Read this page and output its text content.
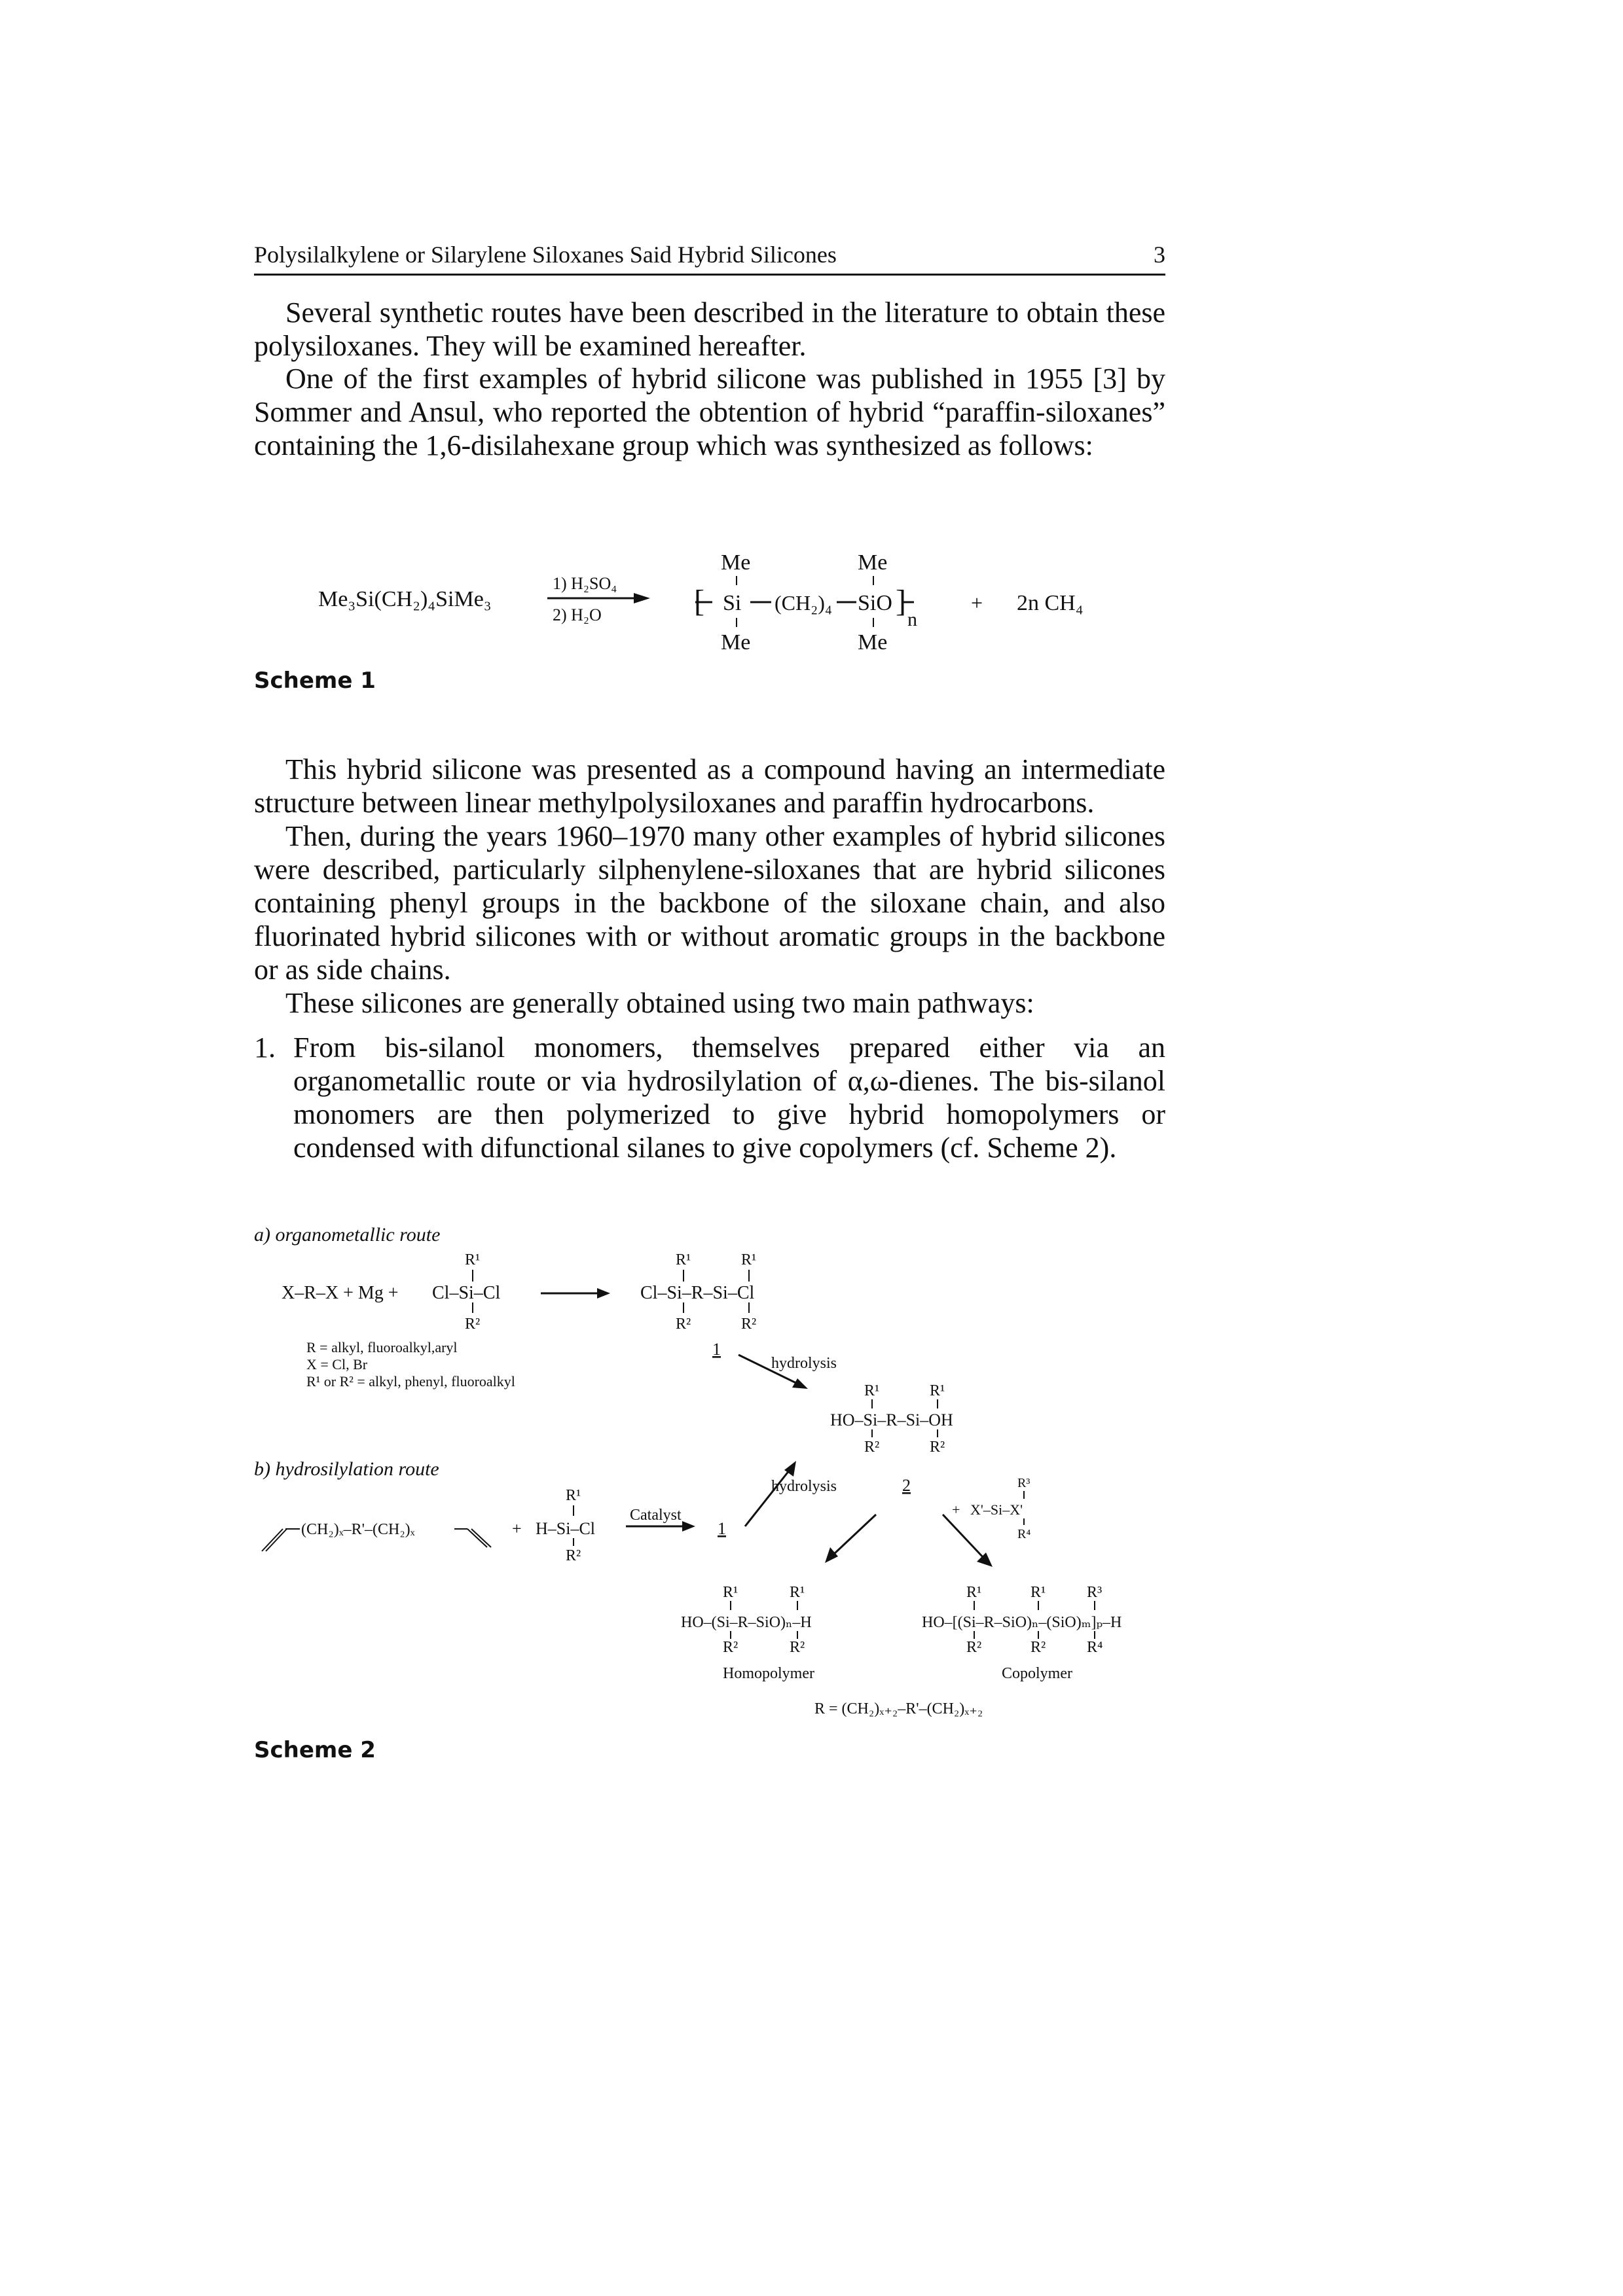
Polysilalkylene or Silarylene Siloxanes Said Hybrid Silicones	3

Several synthetic routes have been described in the literature to obtain these polysiloxanes. They will be examined hereafter.

One of the first examples of hybrid silicone was published in 1955 [3] by Sommer and Ansul, who reported the obtention of hybrid “paraffin-siloxanes” containing the 1,6-disilahexane group which was synthesized as follows:

Me₃Si(CH₂)₄SiMe₃
1) H₂SO₄
2) H₂O
Me	Me
[ Si (CH₂)₄ SiO ]
n
Me	Me
+ 2n CH₄
Scheme 1

This hybrid silicone was presented as a compound having an intermediate structure between linear methylpolysiloxanes and paraffin hydrocarbons.

Then, during the years 1960–1970 many other examples of hybrid silicones were described, particularly silphenylene-siloxanes that are hybrid silicones containing phenyl groups in the backbone of the siloxane chain, and also fluorinated hybrid silicones with or without aromatic groups in the backbone or as side chains.

These silicones are generally obtained using two main pathways:

1. From bis-silanol monomers, themselves prepared either via an organometallic route or via hydrosilylation of α,ω-dienes. The bis-silanol monomers are then polymerized to give hybrid homopolymers or condensed with difunctional silanes to give copolymers (cf. Scheme 2).

a) organometallic route
X–R–X + Mg +
R¹
Cl–Si–Cl
R²
R¹	R¹
Cl–Si–R–Si–Cl
R²	R²
R = alkyl, fluoroalkyl,aryl
X = Cl, Br
R¹ or R² = alkyl, phenyl, fluoroalkyl
1
hydrolysis
R¹	R¹
HO–Si–R–Si–OH
R²	R²
b) hydrosilylation route
(CH₂)ₓ–R'–(CH₂)ₓ	+
R¹
H–Si–Cl
R²
Catalyst
1
hydrolysis	2	R³
+ X'–Si–X'
R⁴
R¹	R¹
HO–(Si–R–SiO)ₙ–H
R²	R²
Homopolymer
R¹	R¹	R³
HO–[(Si–R–SiO)ₙ–(SiO)ₘ]ₚ–H
R²	R²	R⁴
Copolymer
R = (CH₂)ₓ₊₂–R'–(CH₂)ₓ₊₂
Scheme 2
